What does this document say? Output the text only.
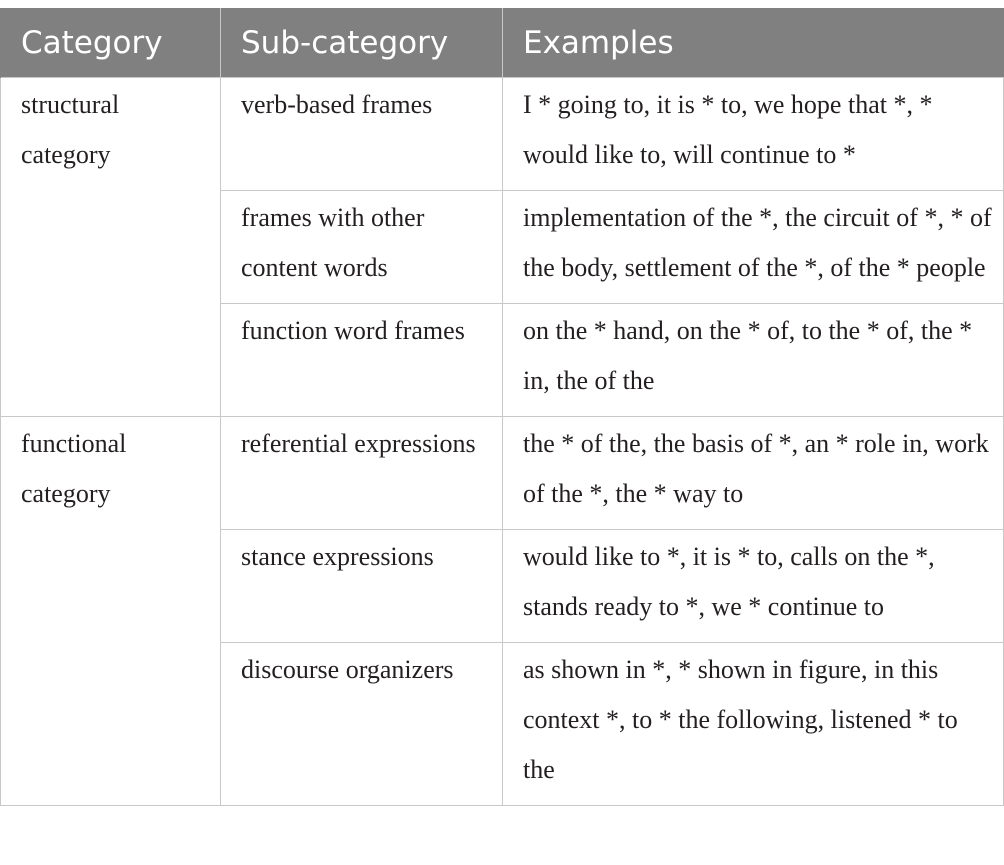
Category	Sub-category	Examples
structural category	verb-based frames	I * going to, it is * to, we hope that *, * would like to, will continue to *
	frames with other content words	implementation of the *, the circuit of *, * of the body, settlement of the *, of the * people
	function word frames	on the * hand, on the * of, to the * of, the * in, the of the
functional category	referential expressions	the * of the, the basis of *, an * role in, work of the *, the * way to
	stance expressions	would like to *, it is * to, calls on the *, stands ready to *, we * continue to
	discourse organizers	as shown in *, * shown in figure, in this context *, to * the following, listened * to the
